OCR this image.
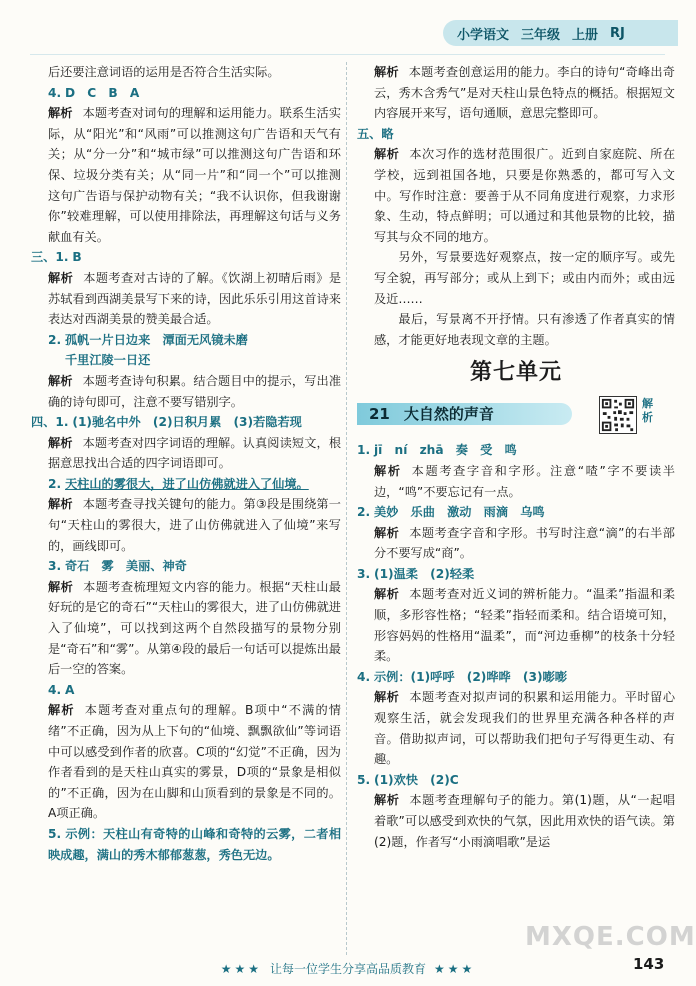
小学语文 三年级 上册 RJ

后还要注意词语的运用是否符合生活实际。

4. D　C　B　A

解析 本题考查对词句的理解和运用能力。联系生活实际，从“阳光”和“风雨”可以推测这句广告语和天气有关；从“分一分”和“城市绿”可以推测这句广告语和环保、垃圾分类有关；从“同一片”和“同一个”可以推测这句广告语与保护动物有关；“我不认识你，但我谢谢你”较难理解，可以使用排除法，再理解这句话与义务献血有关。

三、1. B

解析 本题考查对古诗的了解。《饮湖上初晴后雨》是苏轼看到西湖美景写下来的诗，因此乐乐引用这首诗来表达对西湖美景的赞美最合适。

2. 孤帆一片日边来　潭面无风镜未磨

千里江陵一日还

解析 本题考查诗句积累。结合题目中的提示，写出准确的诗句即可，注意不要写错别字。

四、1. (1)驰名中外　(2)日积月累　(3)若隐若现

解析 本题考查对四字词语的理解。认真阅读短文，根据意思找出合适的四字词语即可。

2. 天柱山的雾很大，进了山仿佛就进入了仙境。

解析 本题考查寻找关键句的能力。第③段是围绕第一句“天柱山的雾很大，进了山仿佛就进入了仙境”来写的，画线即可。

3. 奇石　雾　美丽、神奇

解析 本题考查梳理短文内容的能力。根据“天柱山最好玩的是它的奇石”“天柱山的雾很大，进了山仿佛就进入了仙境”，可以找到这两个自然段描写的景物分别是“奇石”和“雾”。从第④段的最后一句话可以提炼出最后一空的答案。

4. A

解析 本题考查对重点句的理解。B项中“不满的情绪”不正确，因为从上下句的“仙境、飘飘欲仙”等词语中可以感受到作者的欣喜。C项的“幻觉”不正确，因为作者看到的是天柱山真实的雾景，D项的“景象是相似的”不正确，因为在山脚和山顶看到的景象是不同的。A项正确。

5. 示例：天柱山有奇特的山峰和奇特的云雾，二者相映成趣，满山的秀木郁郁葱葱，秀色无边。

解析 本题考查创意运用的能力。李白的诗句“奇峰出奇云，秀木含秀气”是对天柱山景色特点的概括。根据短文内容展开来写，语句通顺，意思完整即可。

五、略

解析 本次习作的选材范围很广。近到自家庭院、所在学校，远到祖国各地，只要是你熟悉的，都可写入文中。写作时注意：要善于从不同角度进行观察，力求形象、生动，特点鲜明；可以通过和其他景物的比较，描写其与众不同的地方。

另外，写景要选好观察点，按一定的顺序写。或先写全貌，再写部分；或从上到下；或由内而外；或由远及近……

最后，写景离不开抒情。只有渗透了作者真实的情感，才能更好地表现文章的主题。

第七单元
21 大自然的声音
解析

1. jī　ní　zhā　奏　受　鸣

解析 本题考查字音和字形。注意“喳”字不要读半边，“鸣”不要忘记有一点。

2. 美妙　乐曲　激动　雨滴　乌鸣

解析 本题考查字音和字形。书写时注意“滴”的右半部分不要写成“商”。

3. (1)温柔　(2)轻柔

解析 本题考查对近义词的辨析能力。“温柔”指温和柔顺，多形容性格；“轻柔”指轻而柔和。结合语境可知，形容妈妈的性格用“温柔”，而“河边垂柳”的枝条十分轻柔。

4. 示例：(1)呼呼　(2)哗哗　(3)嘭嘭

解析 本题考查对拟声词的积累和运用能力。平时留心观察生活，就会发现我们的世界里充满各种各样的声音。借助拟声词，可以帮助我们把句子写得更生动、有趣。

5. (1)欢快　(2)C

解析 本题考查理解句子的能力。第(1)题，从“一起唱着歌”可以感受到欢快的气氛，因此用欢快的语气读。第(2)题，作者写“小雨滴唱歌”是运

MXQE.COM
★★★ 让每一位学生分享高品质教育 ★★★	143
